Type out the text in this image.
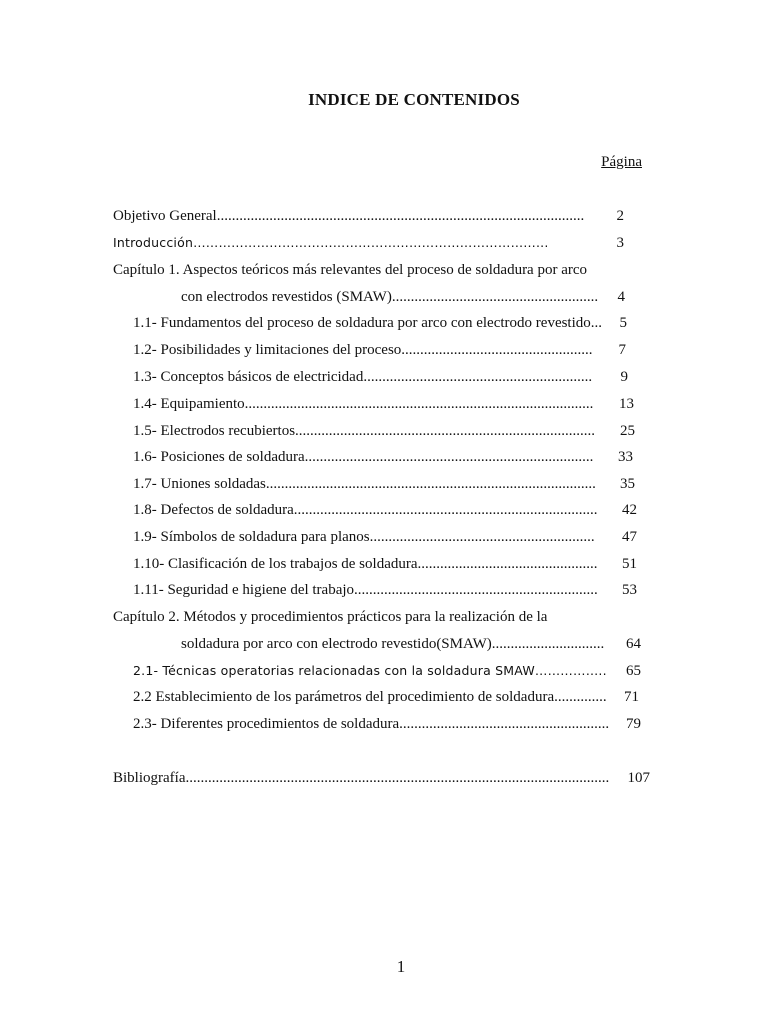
INDICE DE CONTENIDOS
Página
Objetivo General..................................................................................................	2
Introducción………………………………………………………………………...	3
Capítulo 1. Aspectos teóricos más relevantes del proceso de soldadura por arco
con electrodos revestidos (SMAW).......................................................	4
1.1- Fundamentos del proceso de soldadura por arco con electrodo revestido...	5
1.2- Posibilidades y limitaciones del proceso...................................................	7
1.3- Conceptos básicos de electricidad.............................................................	9
1.4- Equipamiento.............................................................................................	13
1.5- Electrodos recubiertos................................................................................	25
1.6- Posiciones de soldadura.............................................................................	33
1.7- Uniones soldadas........................................................................................	35
1.8- Defectos de soldadura.................................................................................	42
1.9- Símbolos de soldadura para planos............................................................	47
1.10- Clasificación de los trabajos de soldadura................................................	51
1.11- Seguridad e higiene del trabajo.................................................................	53
Capítulo 2. Métodos y procedimientos prácticos para la realización de la
soldadura por arco con electrodo revestido(SMAW)..............................	64
2.1- Técnicas operatorias relacionadas con la soldadura SMAW……………..	65
2.2 Establecimiento de los parámetros del procedimiento de soldadura..............	71
2.3- Diferentes procedimientos de soldadura........................................................	79
Bibliografía.................................................................................................................	107
1
